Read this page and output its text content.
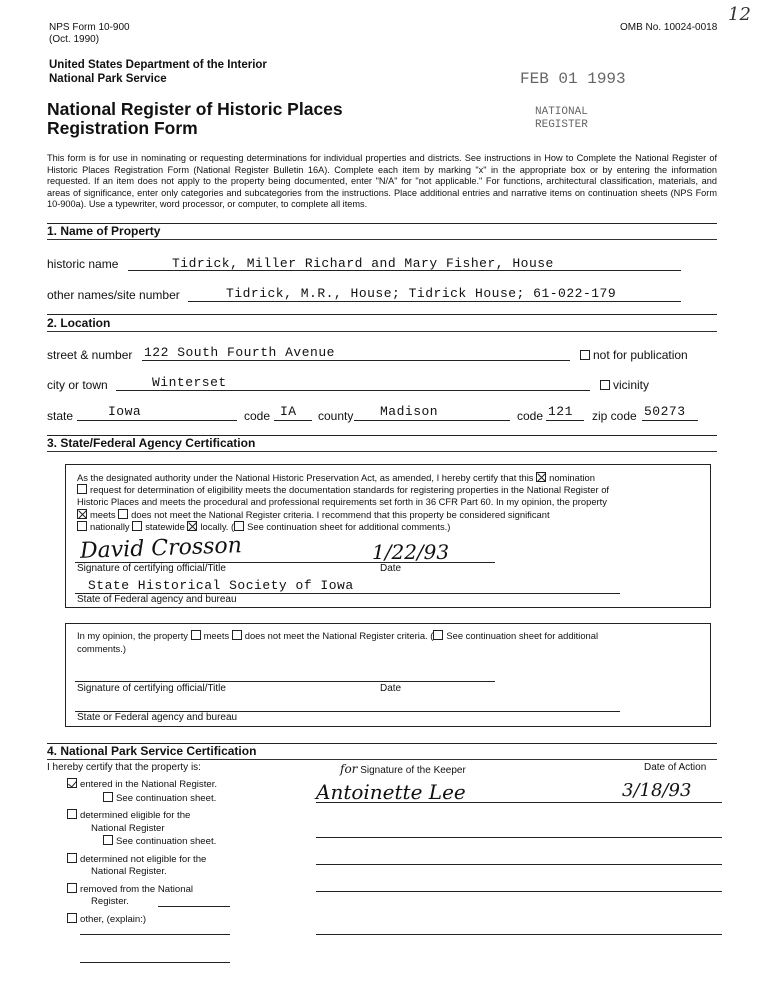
NPS Form 10-900
(Oct. 1990)
OMB No. 10024-0018
12
United States Department of the Interior
National Park Service
National Register of Historic Places
Registration Form
FEB 01 1993
NATIONAL
REGISTER
This form is for use in nominating or requesting determinations for individual properties and districts. See instructions in How to Complete the National Register of Historic Places Registration Form (National Register Bulletin 16A). Complete each item by marking "x" in the appropriate box or by entering the information requested. If an item does not apply to the property being documented, enter "N/A" for "not applicable." For functions, architectural classification, materials, and areas of significance, enter only categories and subcategories from the instructions. Place additional entries and narrative items on continuation sheets (NPS Form 10-900a). Use a typewriter, word processor, or computer, to complete all items.
1. Name of Property
historic name	Tidrick, Miller Richard and Mary Fisher, House
other names/site number	Tidrick, M.R., House; Tidrick House; 61-022-179
2. Location
street & number 122 South Fourth Avenue	not for publication
city or town	Winterset	vicinity
state	Iowa	code IA county Madison	code 121 zip code 50273
3. State/Federal Agency Certification
As the designated authority under the National Historic Preservation Act, as amended, I hereby certify that this nomination
request for determination of eligibility meets the documentation standards for registering properties in the National Register of
Historic Places and meets the procedural and professional requirements set forth in 36 CFR Part 60. In my opinion, the property
meets does not meet the National Register criteria. I recommend that this property be considered significant
nationally statewide locally. ( See continuation sheet for additional comments.)
David Crosson	1/22/93
Signature of certifying official/Title	Date
State Historical Society of Iowa
State of Federal agency and bureau
In my opinion, the property meets does not meet the National Register criteria. ( See continuation sheet for additional
comments.)
Signature of certifying official/Title	Date
State or Federal agency and bureau
4. National Park Service Certification
I hereby certify that the property is:	for Signature of the Keeper	Date of Action
Antoinette Lee	3/18/93
entered in the National Register.
See continuation sheet.
determined eligible for the
National Register
See continuation sheet.
determined not eligible for the
National Register.
removed from the National
Register.
other, (explain:)
